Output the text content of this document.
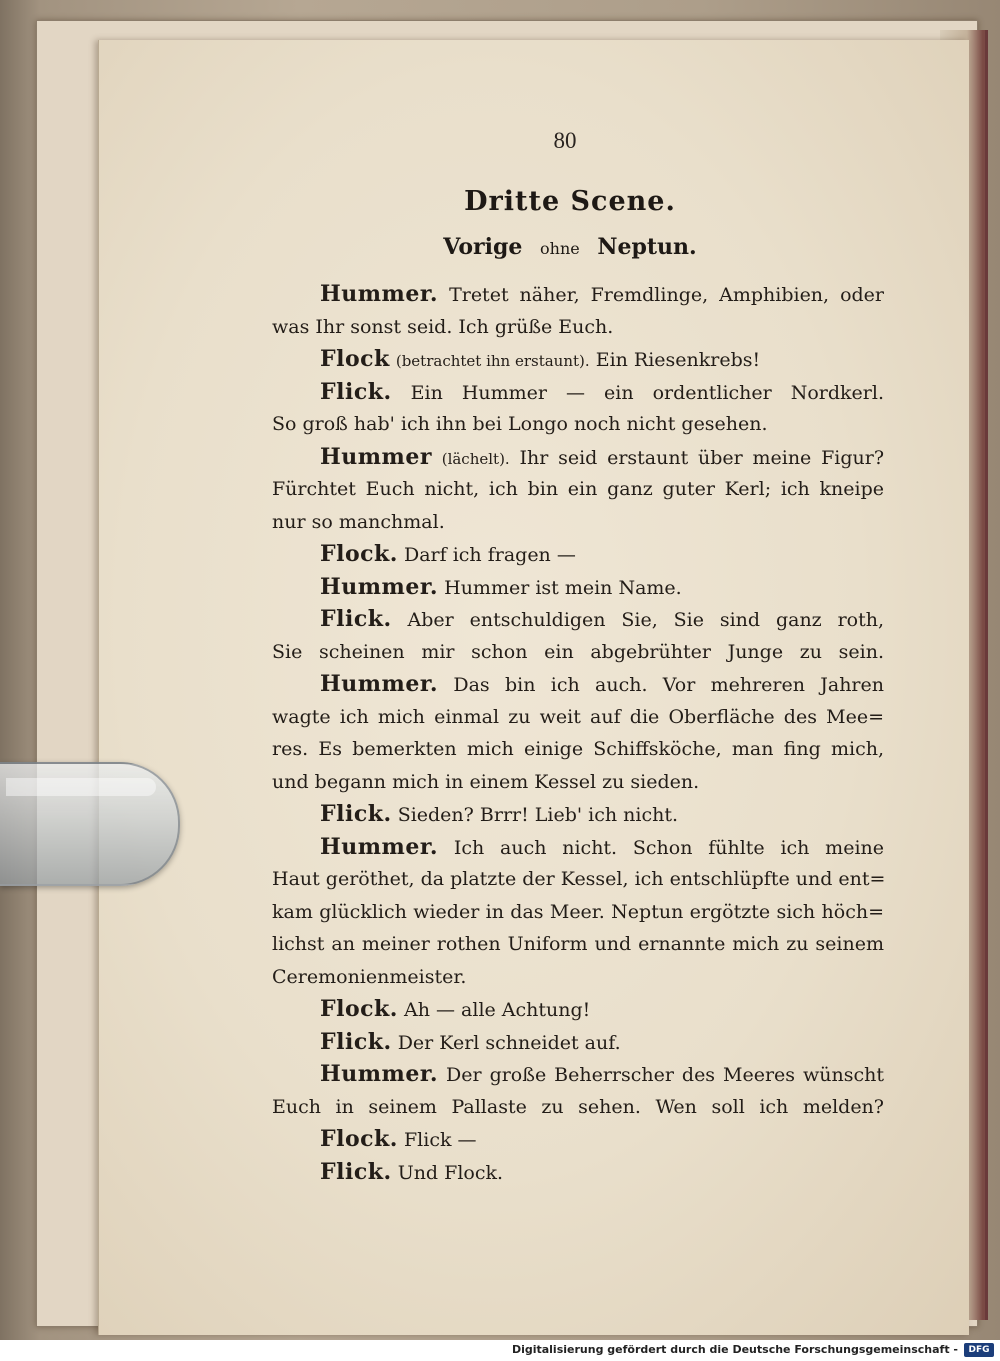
80
Dritte Scene.
Vorige ohne Neptun.
Hummer. Tretet näher, Fremdlinge, Amphibien, oder
was Ihr sonst seid. Ich grüße Euch.
Flock (betrachtet ihn erstaunt). Ein Riesenkrebs!
Flick. Ein Hummer — ein ordentlicher Nordkerl.
So groß hab' ich ihn bei Longo noch nicht gesehen.
Hummer (lächelt). Ihr seid erstaunt über meine Figur?
Fürchtet Euch nicht, ich bin ein ganz guter Kerl; ich kneipe
nur so manchmal.
Flock. Darf ich fragen —
Hummer. Hummer ist mein Name.
Flick. Aber entschuldigen Sie, Sie sind ganz roth,
Sie scheinen mir schon ein abgebrühter Junge zu sein.
Hummer. Das bin ich auch. Vor mehreren Jahren
wagte ich mich einmal zu weit auf die Oberfläche des Mee=
res. Es bemerkten mich einige Schiffsköche, man fing mich,
und begann mich in einem Kessel zu sieden.
Flick. Sieden? Brrr! Lieb' ich nicht.
Hummer. Ich auch nicht. Schon fühlte ich meine
Haut geröthet, da platzte der Kessel, ich entschlüpfte und ent=
kam glücklich wieder in das Meer. Neptun ergötzte sich höch=
lichst an meiner rothen Uniform und ernannte mich zu seinem
Ceremonienmeister.
Flock. Ah — alle Achtung!
Flick. Der Kerl schneidet auf.
Hummer. Der große Beherrscher des Meeres wünscht
Euch in seinem Pallaste zu sehen. Wen soll ich melden?
Flock. Flick —
Flick. Und Flock.
Digitalisierung gefördert durch die Deutsche Forschungsgemeinschaft -	DFG
